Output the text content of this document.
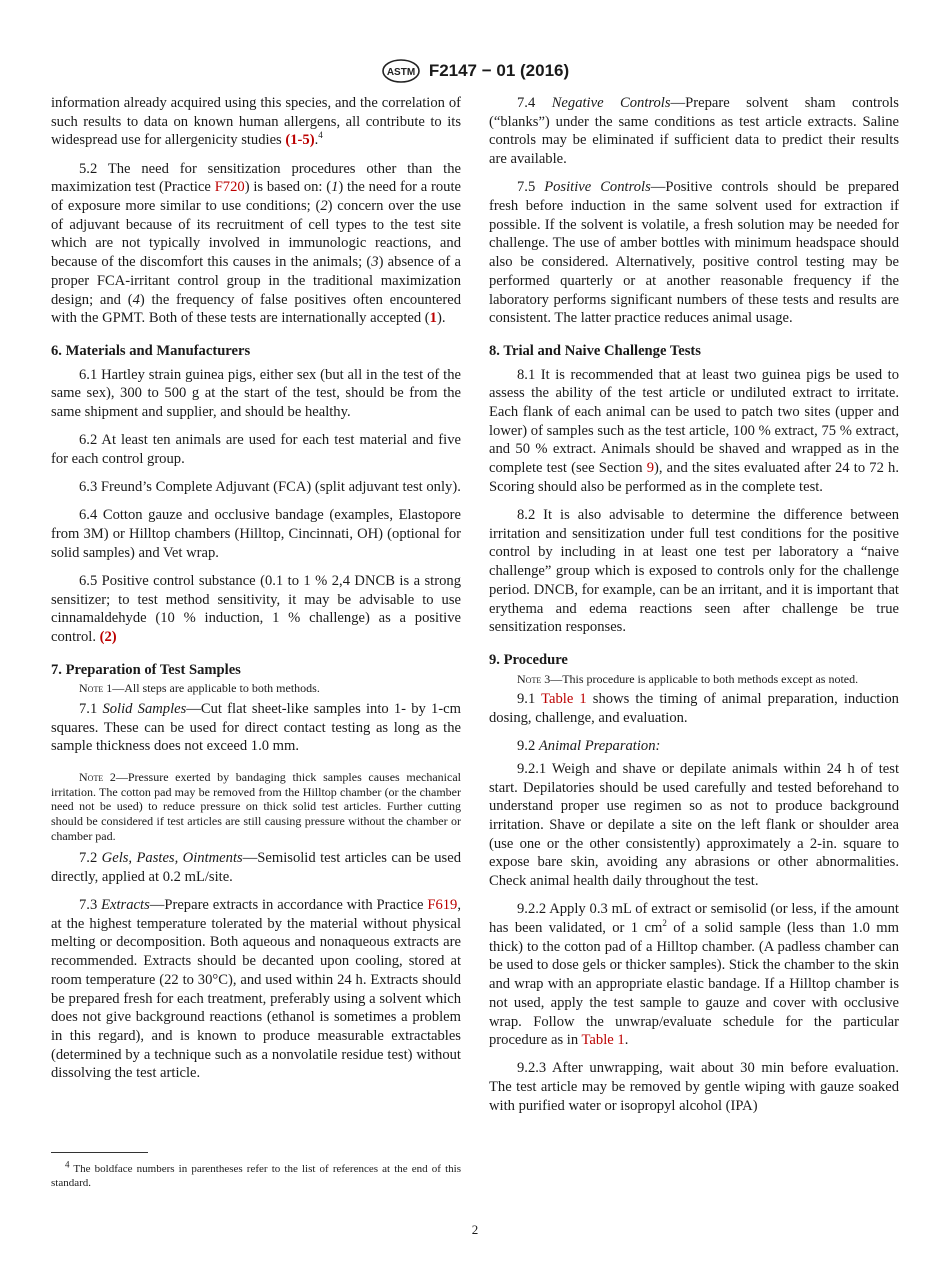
ASTM F2147 − 01 (2016)

information already acquired using this species, and the correlation of such results to data on known human allergens, all contribute to its widespread use for allergenicity studies (1-5).$^4$

5.2 The need for sensitization procedures other than the maximization test (Practice F720) is based on: (1) the need for a route of exposure more similar to use conditions; (2) concern over the use of adjuvant because of its recruitment of cell types to the test site which are not typically involved in immunologic reactions, and because of the discomfort this causes in the animals; (3) absence of a proper FCA-irritant control group in the traditional maximization design; and (4) the frequency of false positives often encountered with the GPMT. Both of these tests are internationally accepted (1).

6. Materials and Manufacturers

6.1 Hartley strain guinea pigs, either sex (but all in the test of the same sex), 300 to 500 g at the start of the test, should be from the same shipment and supplier, and should be healthy.

6.2 At least ten animals are used for each test material and five for each control group.

6.3 Freund’s Complete Adjuvant (FCA) (split adjuvant test only).

6.4 Cotton gauze and occlusive bandage (examples, Elastopore from 3M) or Hilltop chambers (Hilltop, Cincinnati, OH) (optional for solid samples) and Vet wrap.

6.5 Positive control substance (0.1 to 1 % 2,4 DNCB is a strong sensitizer; to test method sensitivity, it may be advisable to use cinnamaldehyde (10 % induction, 1 % challenge) as a positive control. (2)

7. Preparation of Test Samples
Note 1—All steps are applicable to both methods.

7.1 Solid Samples—Cut flat sheet-like samples into 1- by 1-cm squares. These can be used for direct contact testing as long as the sample thickness does not exceed 1.0 mm.

Note 2—Pressure exerted by bandaging thick samples causes mechanical irritation. The cotton pad may be removed from the Hilltop chamber (or the chamber need not be used) to reduce pressure on thick solid test articles. Further cutting should be considered if test articles are still causing pressure without the chamber or chamber pad.

7.2 Gels, Pastes, Ointments—Semisolid test articles can be used directly, applied at 0.2 mL/site.

7.3 Extracts—Prepare extracts in accordance with Practice F619, at the highest temperature tolerated by the material without physical melting or decomposition. Both aqueous and nonaqueous extracts are recommended. Extracts should be decanted upon cooling, stored at room temperature (22 to 30°C), and used within 24 h. Extracts should be prepared fresh for each treatment, preferably using a solvent which does not give background reactions (ethanol is sometimes a problem in this regard), and is known to produce measurable extractables (determined by a technique such as a nonvolatile residue test) without dissolving the test article.

$^4$ The boldface numbers in parentheses refer to the list of references at the end of this standard.

7.4 Negative Controls—Prepare solvent sham controls (“blanks”) under the same conditions as test article extracts. Saline controls may be eliminated if sufficient data to predict their results are available.

7.5 Positive Controls—Positive controls should be prepared fresh before induction in the same solvent used for extraction if possible. If the solvent is volatile, a fresh solution may be needed for challenge. The use of amber bottles with minimum headspace should also be considered. Alternatively, positive control testing may be performed quarterly or at another reasonable frequency if the laboratory performs significant numbers of these tests and results are consistent. The latter practice reduces animal usage.

8. Trial and Naive Challenge Tests

8.1 It is recommended that at least two guinea pigs be used to assess the ability of the test article or undiluted extract to irritate. Each flank of each animal can be used to patch two sites (upper and lower) of samples such as the test article, 100 % extract, 75 % extract, and 50 % extract. Animals should be shaved and wrapped as in the complete test (see Section 9), and the sites evaluated after 24 to 72 h. Scoring should also be performed as in the complete test.

8.2 It is also advisable to determine the difference between irritation and sensitization under full test conditions for the positive control by including in at least one test per laboratory a “naive challenge” group which is exposed to controls only for the challenge period. DNCB, for example, can be an irritant, and it is important that erythema and edema reactions seen after challenge be true sensitization responses.

9. Procedure
Note 3—This procedure is applicable to both methods except as noted.

9.1 Table 1 shows the timing of animal preparation, induction dosing, challenge, and evaluation.

9.2 Animal Preparation:

9.2.1 Weigh and shave or depilate animals within 24 h of test start. Depilatories should be used carefully and tested beforehand to understand proper use regimen so as not to produce background irritation. Shave or depilate a site on the left flank or shoulder area (use one or the other consistently) approximately a 2-in. square to expose bare skin, avoiding any abrasions or other abnormalities. Check animal health daily throughout the test.

9.2.2 Apply 0.3 mL of extract or semisolid (or less, if the amount has been validated, or 1 $cm^2$ of a solid sample (less than 1.0 mm thick) to the cotton pad of a Hilltop chamber. (A padless chamber can be used to dose gels or thicker samples). Stick the chamber to the skin and wrap with an appropriate elastic bandage. If a Hilltop chamber is not used, apply the test sample to gauze and cover with occlusive wrap. Follow the unwrap/evaluate schedule for the particular procedure as in Table 1.

9.2.3 After unwrapping, wait about 30 min before evaluation. The test article may be removed by gentle wiping with gauze soaked with purified water or isopropyl alcohol (IPA)

2
